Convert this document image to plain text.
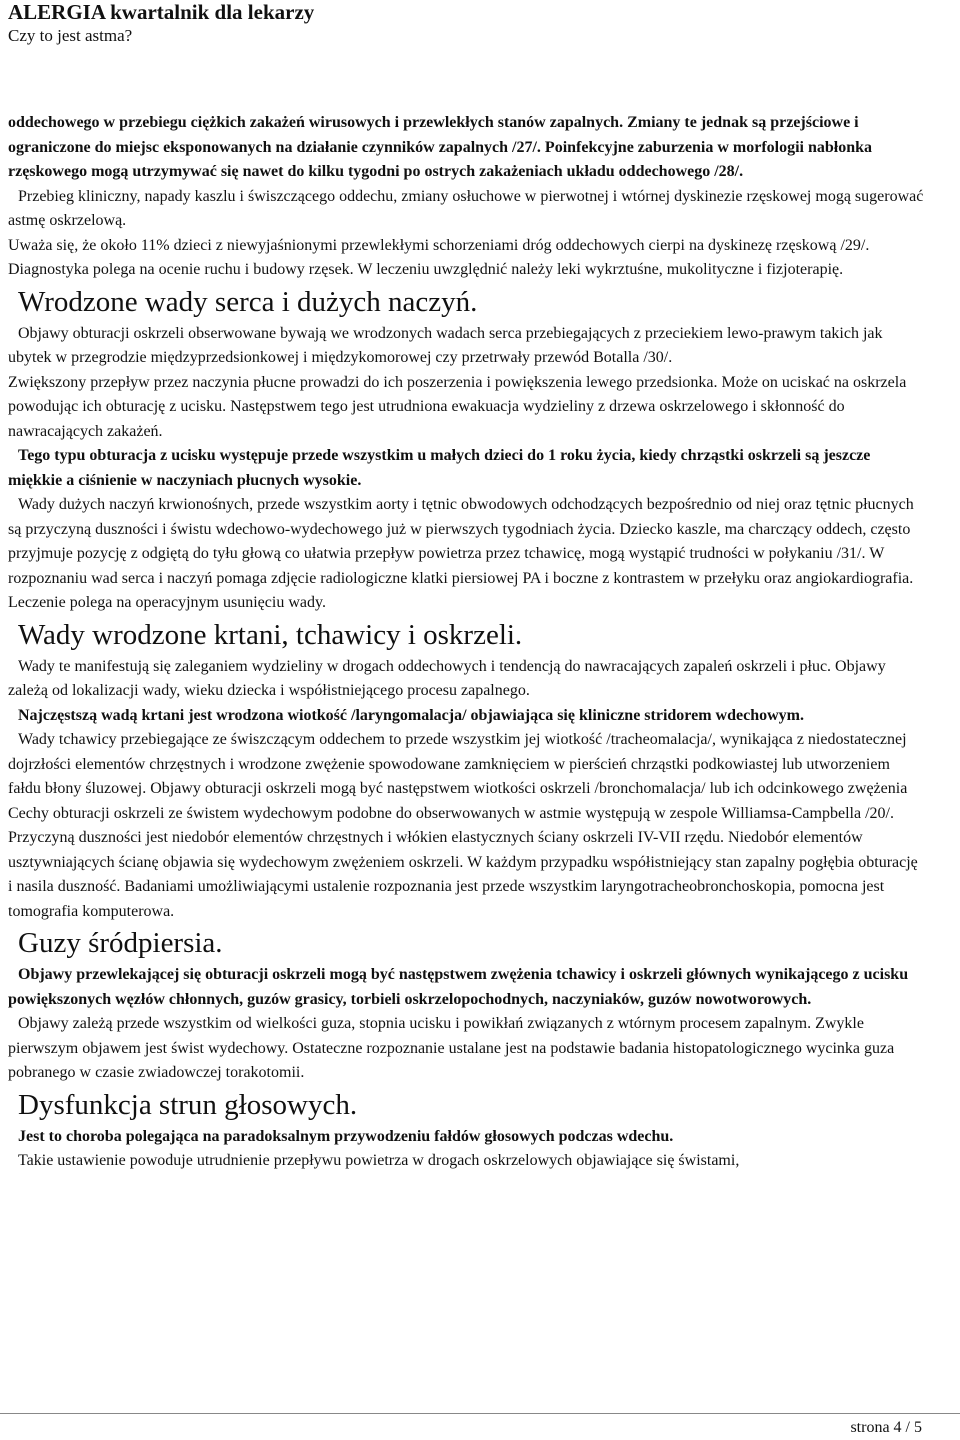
ALERGIA kwartalnik dla lekarzy
Czy to jest astma?

oddechowego w przebiegu ciężkich zakażeń wirusowych i przewlekłych stanów zapalnych. Zmiany te jednak są przejściowe i ograniczone do miejsc eksponowanych na działanie czynników zapalnych /27/. Poinfekcyjne zaburzenia w morfologii nabłonka rzęskowego mogą utrzymywać się nawet do kilku tygodni po ostrych zakażeniach układu oddechowego /28/.

Przebieg kliniczny, napady kaszlu i świszczącego oddechu, zmiany osłuchowe w pierwotnej i wtórnej dyskinezie rzęskowej mogą sugerować astmę oskrzelową.

Uważa się, że około 11% dzieci z niewyjaśnionymi przewlekłymi schorzeniami dróg oddechowych cierpi na dyskinezę rzęskową /29/.

Diagnostyka polega na ocenie ruchu i budowy rzęsek. W leczeniu uwzględnić należy leki wykrztuśne, mukolityczne i fizjoterapię.

Wrodzone wady serca i dużych naczyń.

Objawy obturacji oskrzeli obserwowane bywają we wrodzonych wadach serca przebiegających z przeciekiem lewo-prawym takich jak ubytek w przegrodzie międzyprzedsionkowej i międzykomorowej czy przetrwały przewód Botalla /30/.

Zwiększony przepływ przez naczynia płucne prowadzi do ich poszerzenia i powiększenia lewego przedsionka. Może on uciskać na oskrzela powodując ich obturację z ucisku. Następstwem tego jest utrudniona ewakuacja wydzieliny z drzewa oskrzelowego i skłonność do nawracających zakażeń.

Tego typu obturacja z ucisku występuje przede wszystkim u małych dzieci do 1 roku życia, kiedy chrząstki oskrzeli są jeszcze miękkie a ciśnienie w naczyniach płucnych wysokie.

Wady dużych naczyń krwionośnych, przede wszystkim aorty i tętnic obwodowych odchodzących bezpośrednio od niej oraz tętnic płucnych są przyczyną duszności i świstu wdechowo-wydechowego już w pierwszych tygodniach życia. Dziecko kaszle, ma charczący oddech, często przyjmuje pozycję z odgiętą do tyłu głową co ułatwia przepływ powietrza przez tchawicę, mogą wystąpić trudności w połykaniu /31/. W rozpoznaniu wad serca i naczyń pomaga zdjęcie radiologiczne klatki piersiowej PA i boczne z kontrastem w przełyku oraz angiokardiografia. Leczenie polega na operacyjnym usunięciu wady.

Wady wrodzone krtani, tchawicy i oskrzeli.

Wady te manifestują się zaleganiem wydzieliny w drogach oddechowych i tendencją do nawracających zapaleń oskrzeli i płuc. Objawy zależą od lokalizacji wady, wieku dziecka i współistniejącego procesu zapalnego.

Najczęstszą wadą krtani jest wrodzona wiotkość /laryngomalacja/ objawiająca się kliniczne stridorem wdechowym.

Wady tchawicy przebiegające ze świszczącym oddechem to przede wszystkim jej wiotkość /tracheomalacja/, wynikająca z niedostatecznej dojrzłości elementów chrzęstnych i wrodzone zwężenie spowodowane zamknięciem w pierścień chrząstki podkowiastej lub utworzeniem fałdu błony śluzowej. Objawy obturacji oskrzeli mogą być następstwem wiotkości oskrzeli /bronchomalacja/ lub ich odcinkowego zwężenia Cechy obturacji oskrzeli ze świstem wydechowym podobne do obserwowanych w astmie występują w zespole Williamsa-Campbella /20/. Przyczyną duszności jest niedobór elementów chrzęstnych i włókien elastycznych ściany oskrzeli IV-VII rzędu. Niedobór elementów usztywniających ścianę objawia się wydechowym zwężeniem oskrzeli. W każdym przypadku współistniejący stan zapalny pogłębia obturację i nasila duszność. Badaniami umożliwiającymi ustalenie rozpoznania jest przede wszystkim laryngotracheobronchoskopia, pomocna jest tomografia komputerowa.

Guzy śródpiersia.

Objawy przewlekającej się obturacji oskrzeli mogą być następstwem zwężenia tchawicy i oskrzeli głównych wynikającego z ucisku powiększonych węzłów chłonnych, guzów grasicy, torbieli oskrzelopochodnych, naczyniaków, guzów nowotworowych.

Objawy zależą przede wszystkim od wielkości guza, stopnia ucisku i powikłań związanych z wtórnym procesem zapalnym. Zwykle pierwszym objawem jest świst wydechowy. Ostateczne rozpoznanie ustalane jest na podstawie badania histopatologicznego wycinka guza pobranego w czasie zwiadowczej torakotomii.

Dysfunkcja strun głosowych.

Jest to choroba polegająca na paradoksalnym przywodzeniu fałdów głosowych podczas wdechu.

Takie ustawienie powoduje utrudnienie przepływu powietrza w drogach oskrzelowych objawiające się świstami,

strona 4 / 5
